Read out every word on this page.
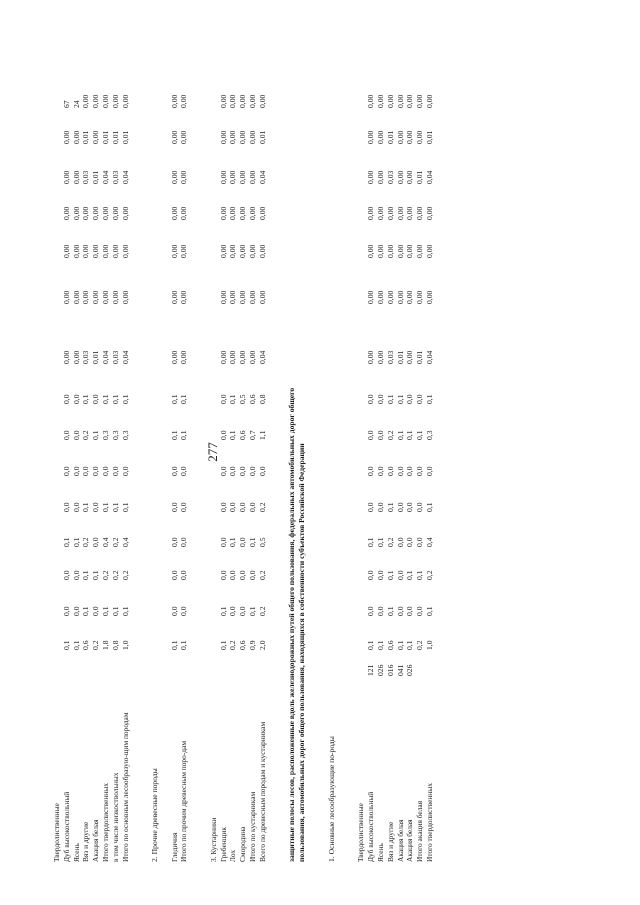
277
Твердолиственные Дуб высокоствольный
0,1
0,0
0,0
0,1
0,0
0,0
0,0
0,0
0,00
0,00
0,00
0,00
0,00
0,00
67
Ясень
0,1
0,0
0,0
0,1
0,0
0,0
0,0
0,0
0,00
0,00
0,00
0,00
0,00
0,00
24
Вяз и другие
0,6
0,1
0,1
0,2
0,1
0,0
0,2
0,1
0,03
0,00
0,00
0,00
0,03
0,01
0,00
Акация белая
0,2
0,0
0,1
0,0
0,0
0,0
0,1
0,0
0,01
0,00
0,00
0,00
0,01
0,00
0,00
Итого твердолиственных
1,8
0,1
0,2
0,4
0,1
0,0
0,3
0,1
0,04
0,00
0,00
0,00
0,04
0,01
0,00
в том числе низкоствольных
0,8
0,1
0,2
0,2
0,1
0,0
0,3
0,1
0,03
0,00
0,00
0,00
0,03
0,01
0,00
Итого по основным лесообразую-щим породам
1,0
0,1
0,2
0,4
0,1
0,0
0,3
0,1
0,04
0,00
0,00
0,00
0,04
0,01
0,00
2. Прочие древесные породы Гледичия
0,1
0,0
0,0
0,0
0,0
0,0
0,1
0,1
0,00
0,00
0,00
0,00
0,00
0,00
0,00
Итого по прочим древесным поро-дам
0,1
0,0
0,0
0,0
0,0
0,0
0,1
0,1
0,00
0,00
0,00
0,00
0,00
0,00
0,00
3. Кустарники Гребенщик
0,1
0,1
0,0
0,0
0,0
0,0
0,0
0,0
0,00
0,00
0,00
0,00
0,00
0,00
0,00
Лох
0,2
0,0
0,0
0,1
0,0
0,0
0,1
0,1
0,00
0,00
0,00
0,00
0,00
0,00
0,00
Смородина
0,6
0,0
0,0
0,0
0,0
0,0
0,6
0,5
0,00
0,00
0,00
0,00
0,00
0,00
0,00
Итого по кустарникам
0,9
0,1
0,0
0,1
0,0
0,0
0,7
0,6
0,00
0,00
0,00
0,00
0,00
0,00
0,00
Всего по древесным породам и кустарникам
2,0
0,2
0,2
0,5
0,2
0,0
1,1
0,8
0,04
0,00
0,00
0,00
0,04
0,01
0,00
защитные полосы лесов, расположенные вдоль железнодорожных путей общего пользования, федеральных автомобильных дорог общего пользования, автомобильных дорог общего пользования, находящихся в собственности субъектов Российской Федерации	1. Основные лесообразующие по-роды	Твердолиственные Дуб высокоствольный
121
0,1
0,0
0,0
0,1
0,0
0,0
0,0
0,0
0,00
0,00
0,00
0,00
0,00
0,00
0,00
Ясень
026
0,1
0,0
0,0
0,1
0,0
0,0
0,0
0,0
0,00
0,00
0,00
0,00
0,00
0,00
0,00
Вяз и другие
016
0,6
0,1
0,1
0,2
0,1
0,0
0,2
0,1
0,03
0,00
0,00
0,00
0,03
0,01
0,00
Акация белая
041
0,1
0,0
0,0
0,0
0,0
0,0
0,1
0,1
0,01
0,00
0,00
0,00
0,00
0,00
0,00
Акация белая
026
0,1
0,0
0,1
0,0
0,0
0,0
0,1
0,0
0,00
0,00
0,00
0,00
0,00
0,00
0,00
Итого акация белая
0,2
0,0
0,1
0,0
0,0
0,0
0,1
0,0
0,01
0,00
0,00
0,00
0,01
0,00
0,00
Итого твердолиственных
1,0
0,1
0,2
0,4
0,1
0,0
0,3
0,1
0,04
0,00
0,00
0,00
0,04
0,01
0,00
